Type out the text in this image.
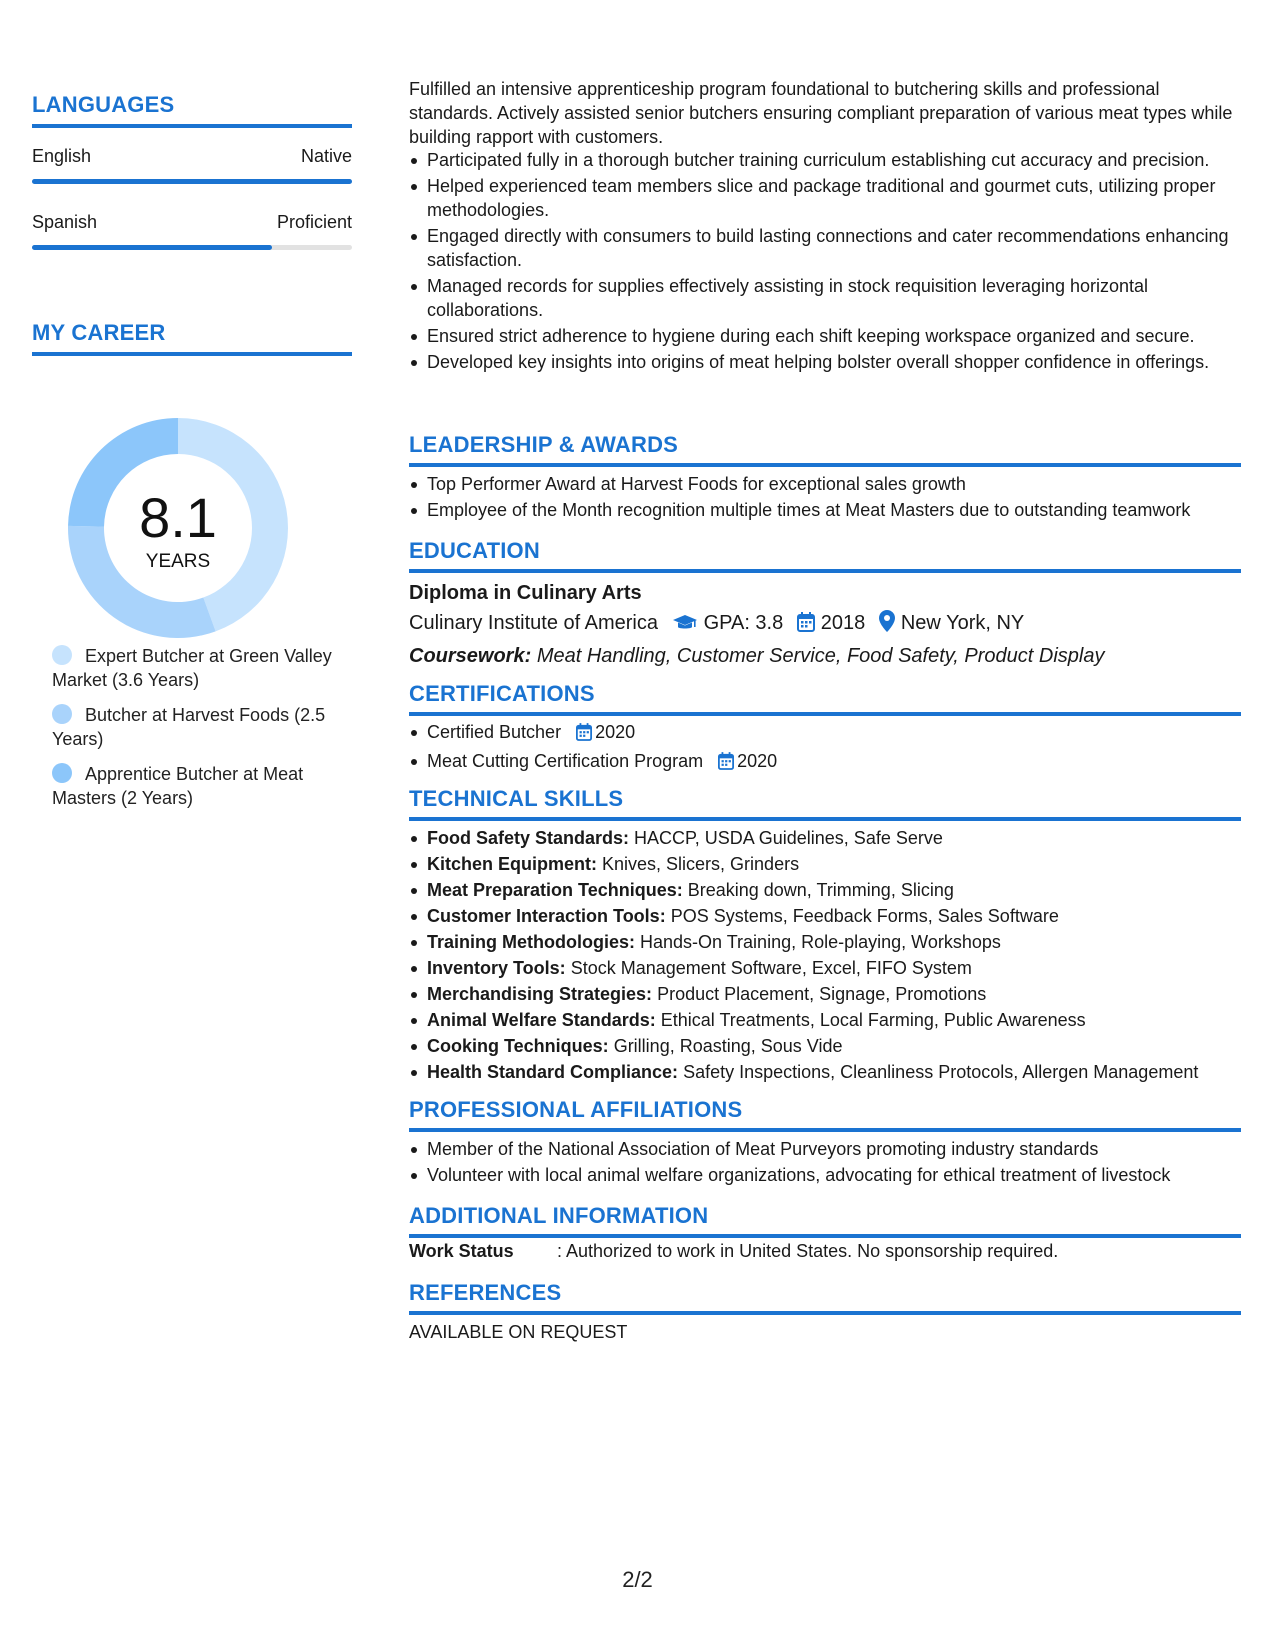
LANGUAGES
English	Native
Spanish	Proficient
MY CAREER
8.1
YEARS
Expert Butcher at Green Valley Market (3.6 Years)
Butcher at Harvest Foods (2.5 Years)
Apprentice Butcher at Meat Masters (2 Years)
Fulfilled an intensive apprenticeship program foundational to butchering skills and professional standards. Actively assisted senior butchers ensuring compliant preparation of various meat types while building rapport with customers.
Participated fully in a thorough butcher training curriculum establishing cut accuracy and precision.
Helped experienced team members slice and package traditional and gourmet cuts, utilizing proper methodologies.
Engaged directly with consumers to build lasting connections and cater recommendations enhancing satisfaction.
Managed records for supplies effectively assisting in stock requisition leveraging horizontal collaborations.
Ensured strict adherence to hygiene during each shift keeping workspace organized and secure.
Developed key insights into origins of meat helping bolster overall shopper confidence in offerings.
LEADERSHIP & AWARDS
Top Performer Award at Harvest Foods for exceptional sales growth
Employee of the Month recognition multiple times at Meat Masters due to outstanding teamwork
EDUCATION
Diploma in Culinary Arts
Culinary Institute of America GPA: 3.8 2018 New York, NY
Coursework: Meat Handling, Customer Service, Food Safety, Product Display
CERTIFICATIONS
Certified Butcher 2020
Meat Cutting Certification Program 2020
TECHNICAL SKILLS
Food Safety Standards: HACCP, USDA Guidelines, Safe Serve
Kitchen Equipment: Knives, Slicers, Grinders
Meat Preparation Techniques: Breaking down, Trimming, Slicing
Customer Interaction Tools: POS Systems, Feedback Forms, Sales Software
Training Methodologies: Hands-On Training, Role-playing, Workshops
Inventory Tools: Stock Management Software, Excel, FIFO System
Merchandising Strategies: Product Placement, Signage, Promotions
Animal Welfare Standards: Ethical Treatments, Local Farming, Public Awareness
Cooking Techniques: Grilling, Roasting, Sous Vide
Health Standard Compliance: Safety Inspections, Cleanliness Protocols, Allergen Management
PROFESSIONAL AFFILIATIONS
Member of the National Association of Meat Purveyors promoting industry standards
Volunteer with local animal welfare organizations, advocating for ethical treatment of livestock
ADDITIONAL INFORMATION
Work Status : Authorized to work in United States. No sponsorship required.
REFERENCES
AVAILABLE ON REQUEST
2/2
